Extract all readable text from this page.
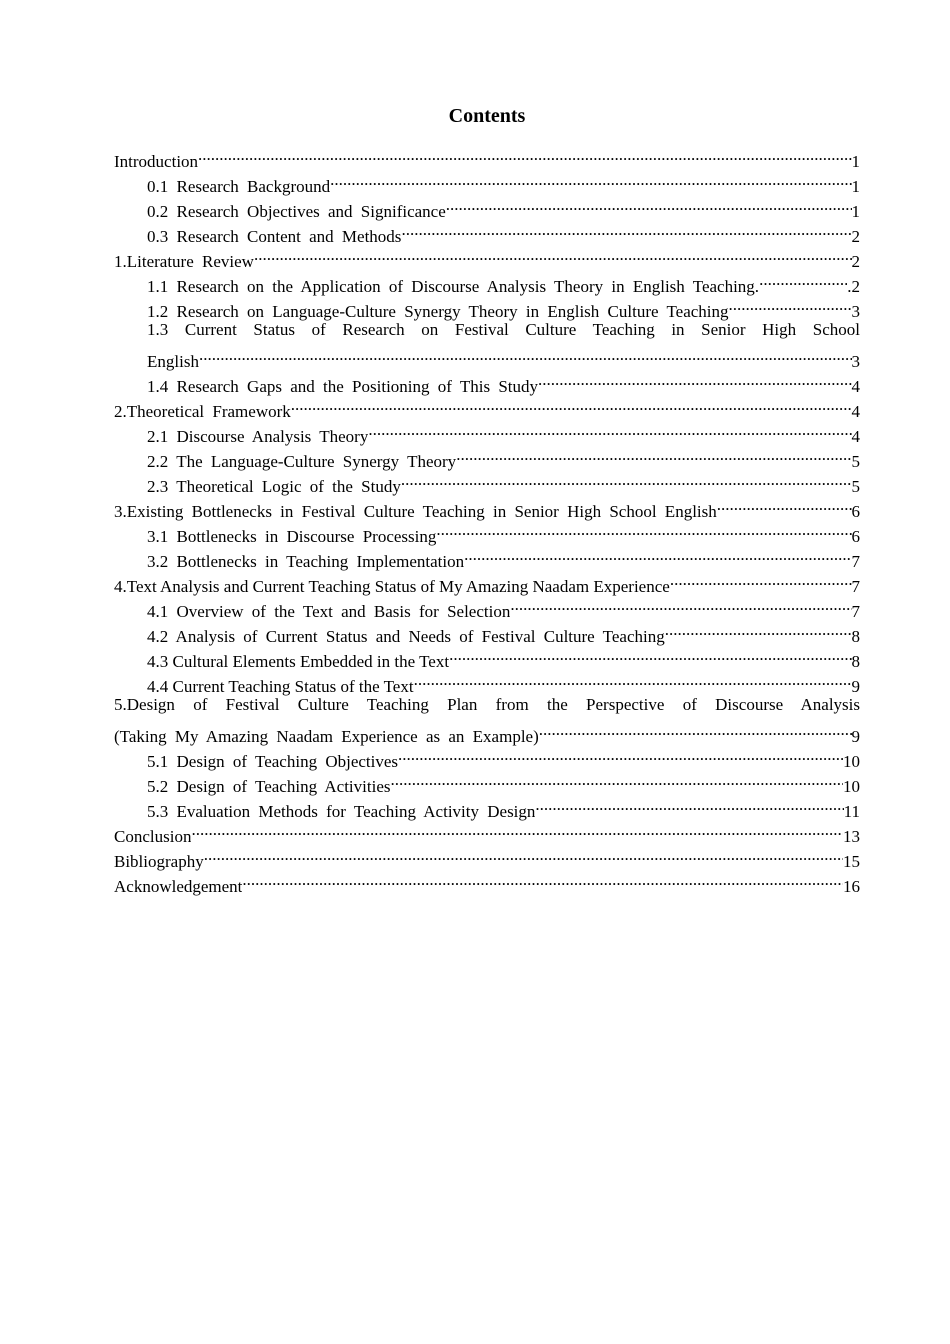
Contents
Introduction .....	1
0.1 Research Background .....	1
0.2 Research Objectives and Significance .....	1
0.3 Research Content and Methods .....	2
1.Literature Review .....	2
1.1 Research on the Application of Discourse Analysis Theory in English Teaching. .....	.2
1.2 Research on Language-Culture Synergy Theory in English Culture Teaching .....	3
1.3 Current Status of Research on Festival Culture Teaching in Senior High School
English .....	3
1.4 Research Gaps and the Positioning of This Study .....	4
2.Theoretical Framework .....	4
2.1 Discourse Analysis Theory .....	4
2.2 The Language-Culture Synergy Theory .....	5
2.3 Theoretical Logic of the Study .....	5
3.Existing Bottlenecks in Festival Culture Teaching in Senior High School English .....	6
3.1 Bottlenecks in Discourse Processing .....	6
3.2 Bottlenecks in Teaching Implementation .....	7
4.Text Analysis and Current Teaching Status of My Amazing Naadam Experience .....	7
4.1 Overview of the Text and Basis for Selection .....	7
4.2 Analysis of Current Status and Needs of Festival Culture Teaching .....	8
4.3 Cultural Elements Embedded in the Text .....	8
4.4 Current Teaching Status of the Text .....	9
5.Design of Festival Culture Teaching Plan from the Perspective of Discourse Analysis
(Taking My Amazing Naadam Experience as an Example) .....	9
5.1 Design of Teaching Objectives .....	10
5.2 Design of Teaching Activities .....	10
5.3 Evaluation Methods for Teaching Activity Design .....	11
Conclusion .....	13
Bibliography .....	15
Acknowledgement .....	16
